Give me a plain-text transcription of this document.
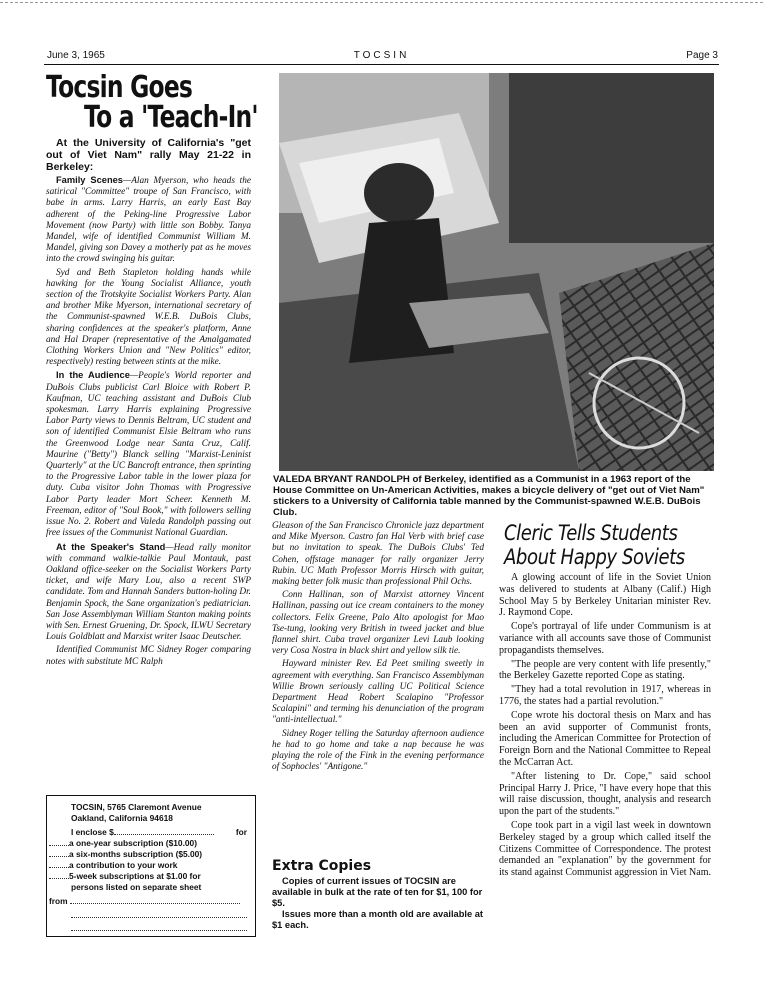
June 3, 1965	TOCSIN	Page 3
Tocsin Goes
To a 'Teach-In'

At the University of California's "get out of Viet Nam" rally May 21-22 in Berkeley:

Family Scenes—Alan Myerson, who heads the satirical "Committee" troupe of San Francisco, with babe in arms. Larry Harris, an early East Bay adherent of the Peking-line Progressive Labor Movement (now Party) with little son Bobby. Tanya Mandel, wife of identified Communist William M. Mandel, giving son Davey a motherly pat as he moves into the crowd swinging his guitar.

Syd and Beth Stapleton holding hands while hawking for the Young Socialist Alliance, youth section of the Trotskyite Socialist Workers Party. Alan and brother Mike Myerson, international secretary of the Communist-spawned W.E.B. DuBois Clubs, sharing confidences at the speaker's platform, Anne and Hal Draper (representative of the Amalgamated Clothing Workers Union and "New Politics" editor, respectively) resting between stints at the mike.

In the Audience—People's World reporter and DuBois Clubs publicist Carl Bloice with Robert P. Kaufman, UC teaching assistant and DuBois Club spokesman. Larry Harris explaining Progressive Labor Party views to Dennis Beltram, UC student and son of identified Communist Elsie Beltram who runs the Greenwood Lodge near Santa Cruz, Calif. Maurine ("Betty") Blanck selling "Marxist-Leninist Quarterly" at the UC Bancroft entrance, then sprinting to the Progressive Labor table in the lower plaza for duty. Cuba visitor John Thomas with Progressive Labor Party leader Mort Scheer. Kenneth M. Freeman, editor of "Soul Book," with followers selling issue No. 2. Robert and Valeda Randolph passing out free issues of the Communist National Guardian.

At the Speaker's Stand—Head rally monitor with command walkie-talkie Paul Montauk, past Oakland office-seeker on the Socialist Workers Party ticket, and wife Mary Lou, also a recent SWP candidate. Tom and Hannah Sanders button-holing Dr. Benjamin Spock, the Sane organization's pediatrician. San Jose Assemblyman William Stanton making points with Sen. Ernest Gruening, Dr. Spock, ILWU Secretary Louis Goldblatt and Marxist writer Isaac Deutscher.

Identified Communist MC Sidney Roger comparing notes with substitute MC Ralph

VALEDA BRYANT RANDOLPH of Berkeley, identified as a Communist in a 1963 report of the House Committee on Un-American Activities, makes a bicycle delivery of "get out of Viet Nam" stickers to a University of California table manned by the Communist-spawned W.E.B. DuBois Club.

Gleason of the San Francisco Chronicle jazz department and Mike Myerson. Castro fan Hal Verb with brief case but no invitation to speak. The DuBois Clubs' Ted Cohen, offstage manager for rally organizer Jerry Rubin. UC Math Professor Morris Hirsch with guitar, making better folk music than professional Phil Ochs.

Conn Hallinan, son of Marxist attorney Vincent Hallinan, passing out ice cream containers to the money collectors. Felix Greene, Palo Alto apologist for Mao Tse-tung, looking very British in tweed jacket and blue flannel shirt. Cuba travel organizer Levi Laub looking very Cosa Nostra in black shirt and yellow silk tie.

Hayward minister Rev. Ed Peet smiling sweetly in agreement with everything. San Francisco Assemblyman Willie Brown seriously calling UC Political Science Department Head Robert Scalapino "Professor Scalapini" and terming his denunciation of the program "anti-intellectual."

Sidney Roger telling the Saturday afternoon audience he had to go home and take a nap because he was playing the role of the Fink in the evening performance of Sophocles' "Antigone."

Extra Copies

Copies of current issues of TOCSIN are available in bulk at the rate of ten for $1, 100 for $5.

Issues more than a month old are available at $1 each.

Cleric Tells Students About Happy Soviets

A glowing account of life in the Soviet Union was delivered to students at Albany (Calif.) High School May 5 by Berkeley Unitarian minister Rev. J. Raymond Cope.

Cope's portrayal of life under Communism is at variance with all accounts save those of Communist propagandists themselves.

"The people are very content with life presently," the Berkeley Gazette reported Cope as stating.

"They had a total revolution in 1917, whereas in 1776, the states had a partial revolution."

Cope wrote his doctoral thesis on Marx and has been an avid supporter of Communist fronts, including the American Committee for Protection of Foreign Born and the National Committee to Repeal the McCarran Act.

"After listening to Dr. Cope," said school Principal Harry J. Price, "I have every hope that this will raise discussion, thought, analysis and research upon the part of the students."

Cope took part in a vigil last week in downtown Berkeley staged by a group which called itself the Citizens Committee of Correspondence. The protest demanded an "explanation" by the government for its stand against Communist aggression in Viet Nam.

TOCSIN, 5765 Claremont Avenue
Oakland, California 94618
I enclose $	for
a one-year subscription ($10.00)
a six-months subscription ($5.00)
a contribution to your work
5-week subscriptions at $1.00 for
persons listed on separate sheet
from
